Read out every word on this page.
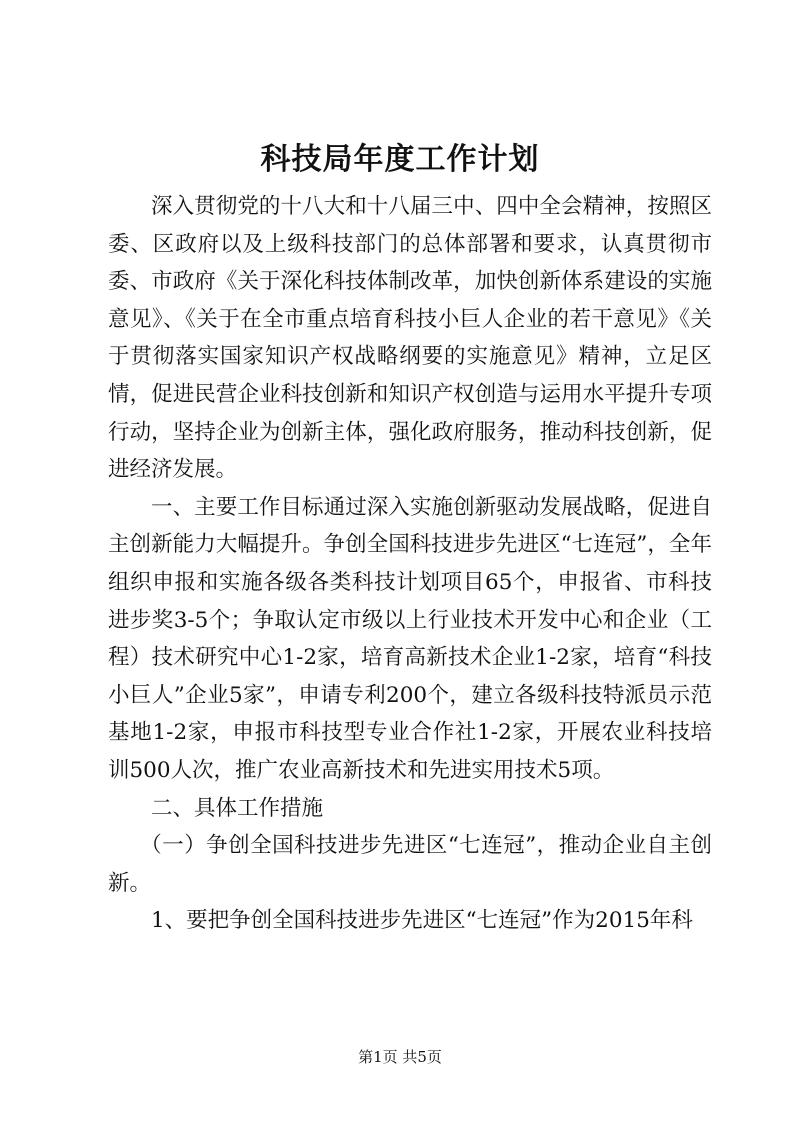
科技局年度工作计划

深入贯彻党的十八大和十八届三中、四中全会精神，按照区委、区政府以及上级科技部门的总体部署和要求，认真贯彻市委、市政府《关于深化科技体制改革，加快创新体系建设的实施意见》、《关于在全市重点培育科技小巨人企业的若干意见》《关于贯彻落实国家知识产权战略纲要的实施意见》精神，立足区情，促进民营企业科技创新和知识产权创造与运用水平提升专项行动，坚持企业为创新主体，强化政府服务，推动科技创新，促进经济发展。

一、主要工作目标通过深入实施创新驱动发展战略，促进自主创新能力大幅提升。争创全国科技进步先进区“七连冠”，全年组织申报和实施各级各类科技计划项目65个，申报省、市科技进步奖3-5个；争取认定市级以上行业技术开发中心和企业（工程）技术研究中心1-2家，培育高新技术企业1-2家，培育“科技小巨人”企业5家”，申请专利200个，建立各级科技特派员示范基地1-2家，申报市科技型专业合作社1-2家，开展农业科技培训500人次，推广农业高新技术和先进实用技术5项。

二、具体工作措施

（一）争创全国科技进步先进区“七连冠”，推动企业自主创新。

1、要把争创全国科技进步先进区“七连冠”作为2015年科

第1页 共5页
